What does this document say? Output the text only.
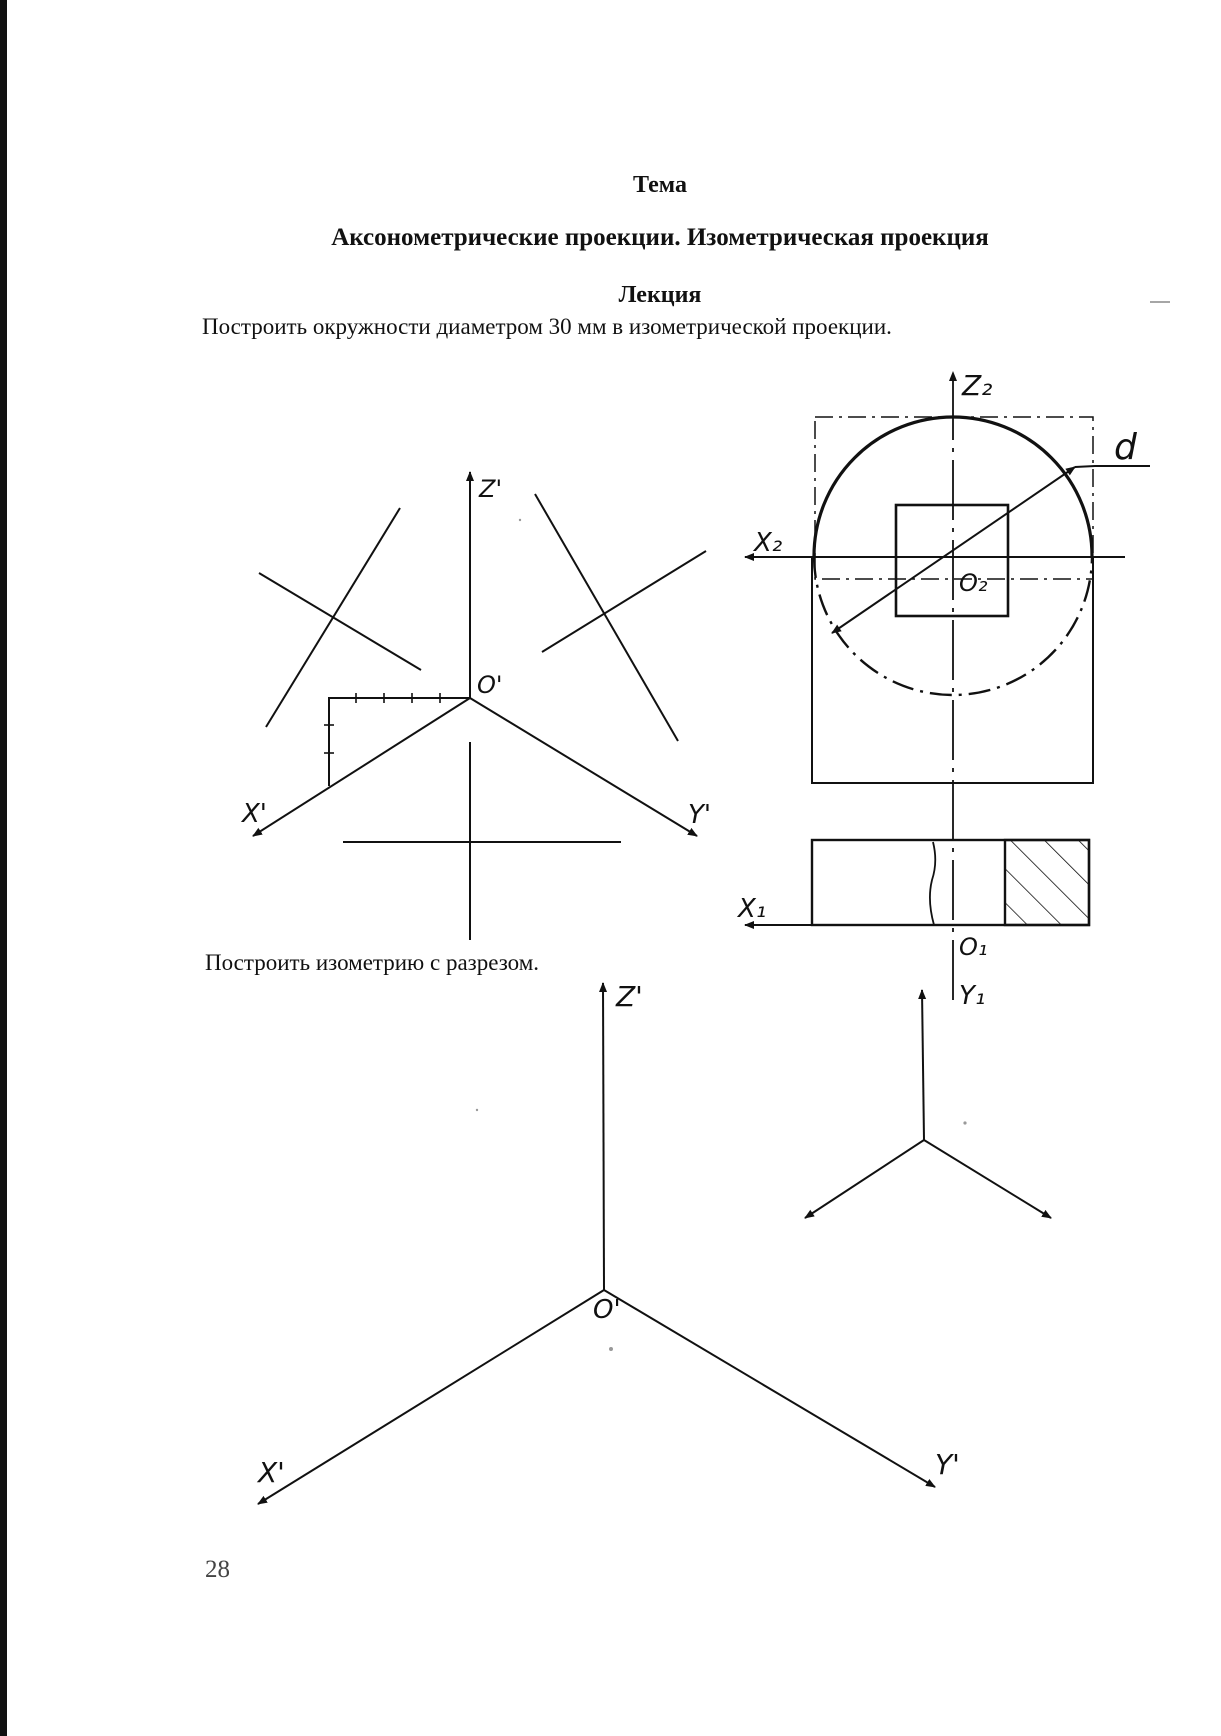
Тема
Аксонометрические проекции. Изометрическая проекция
Лекция

Построить окружности диаметром 30 мм в изометрической проекции.

Построить изометрию с разрезом.

28

Z'
O'
X'	Y'
Z₂
X₂
O₂
d
X₁
O₁
Y₁
Z'
O'
X'	Y'
